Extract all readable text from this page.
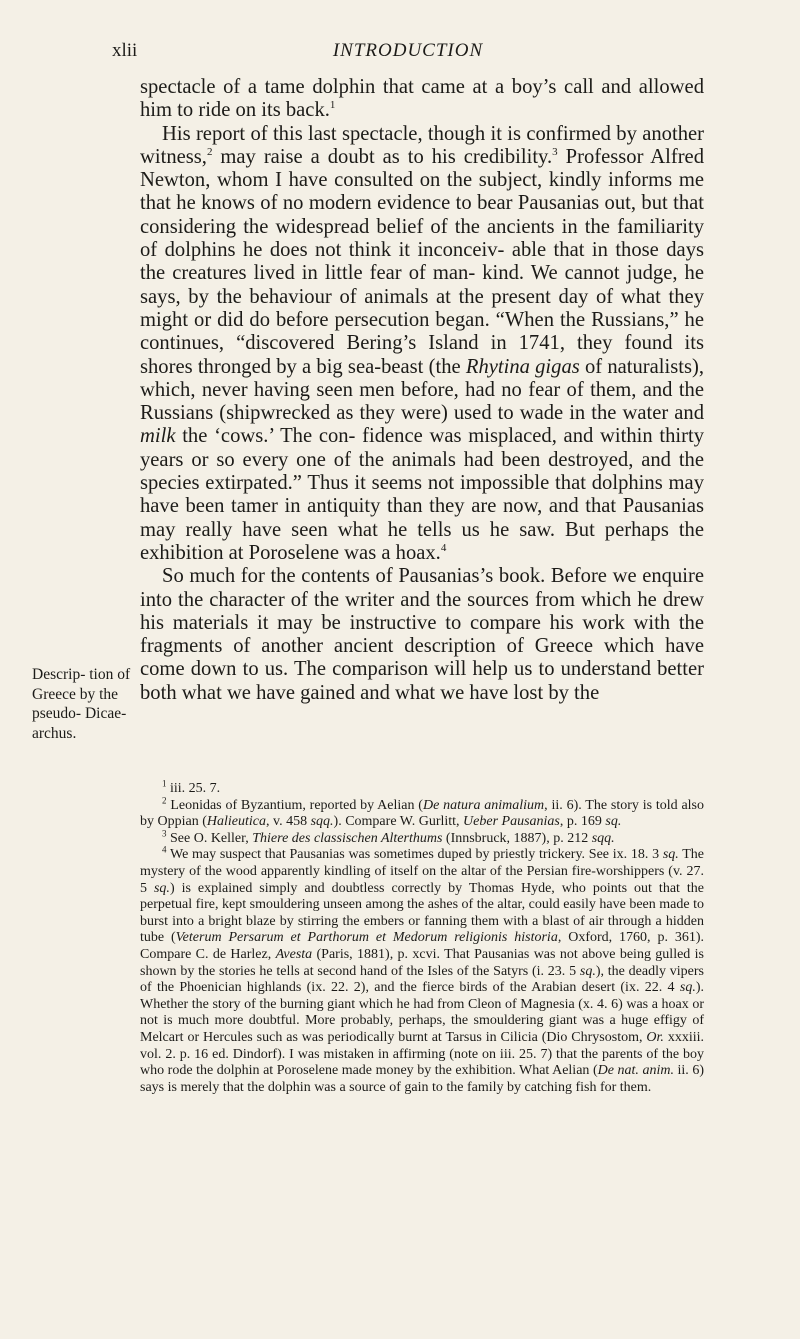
xlii	INTRODUCTION
Descrip- tion of Greece by the pseudo- Dicae- archus.

spectacle of a tame dolphin that came at a boy’s call and allowed him to ride on its back.$^1$

His report of this last spectacle, though it is confirmed by another witness,$^2$ may raise a doubt as to his credibility.$^3$ Professor Alfred Newton, whom I have consulted on the subject, kindly informs me that he knows of no modern evidence to bear Pausanias out, but that considering the widespread belief of the ancients in the familiarity of dolphins he does not think it inconceiv- able that in those days the creatures lived in little fear of man- kind. We cannot judge, he says, by the behaviour of animals at the present day of what they might or did do before persecution began. “When the Russians,” he continues, “discovered Bering’s Island in 1741, they found its shores thronged by a big sea-beast (the Rhytina gigas of naturalists), which, never having seen men before, had no fear of them, and the Russians (shipwrecked as they were) used to wade in the water and milk the ‘cows.’ The con- fidence was misplaced, and within thirty years or so every one of the animals had been destroyed, and the species extirpated.” Thus it seems not impossible that dolphins may have been tamer in antiquity than they are now, and that Pausanias may really have seen what he tells us he saw. But perhaps the exhibition at Poroselene was a hoax.$^4$

So much for the contents of Pausanias’s book. Before we enquire into the character of the writer and the sources from which he drew his materials it may be instructive to compare his work with the fragments of another ancient description of Greece which have come down to us. The comparison will help us to understand better both what we have gained and what we have lost by the

$^1$ iii. 25. 7.

$^2$ Leonidas of Byzantium, reported by Aelian (De natura animalium, ii. 6). The story is told also by Oppian (Halieutica, v. 458 sqq.). Compare W. Gurlitt, Ueber Pausanias, p. 169 sq.

$^3$ See O. Keller, Thiere des classischen Alterthums (Innsbruck, 1887), p. 212 sqq.

$^4$ We may suspect that Pausanias was sometimes duped by priestly trickery. See ix. 18. 3 sq. The mystery of the wood apparently kindling of itself on the altar of the Persian fire-worshippers (v. 27. 5 sq.) is explained simply and doubtless correctly by Thomas Hyde, who points out that the perpetual fire, kept smouldering unseen among the ashes of the altar, could easily have been made to burst into a bright blaze by stirring the embers or fanning them with a blast of air through a hidden tube (Veterum Persarum et Parthorum et Medorum religionis historia, Oxford, 1760, p. 361). Compare C. de Harlez, Avesta (Paris, 1881), p. xcvi. That Pausanias was not above being gulled is shown by the stories he tells at second hand of the Isles of the Satyrs (i. 23. 5 sq.), the deadly vipers of the Phoenician highlands (ix. 22. 2), and the fierce birds of the Arabian desert (ix. 22. 4 sq.). Whether the story of the burning giant which he had from Cleon of Magnesia (x. 4. 6) was a hoax or not is much more doubtful. More probably, perhaps, the smouldering giant was a huge effigy of Melcart or Hercules such as was periodically burnt at Tarsus in Cilicia (Dio Chrysostom, Or. xxxiii. vol. 2. p. 16 ed. Dindorf). I was mistaken in affirming (note on iii. 25. 7) that the parents of the boy who rode the dolphin at Poroselene made money by the exhibition. What Aelian (De nat. anim. ii. 6) says is merely that the dolphin was a source of gain to the family by catching fish for them.
